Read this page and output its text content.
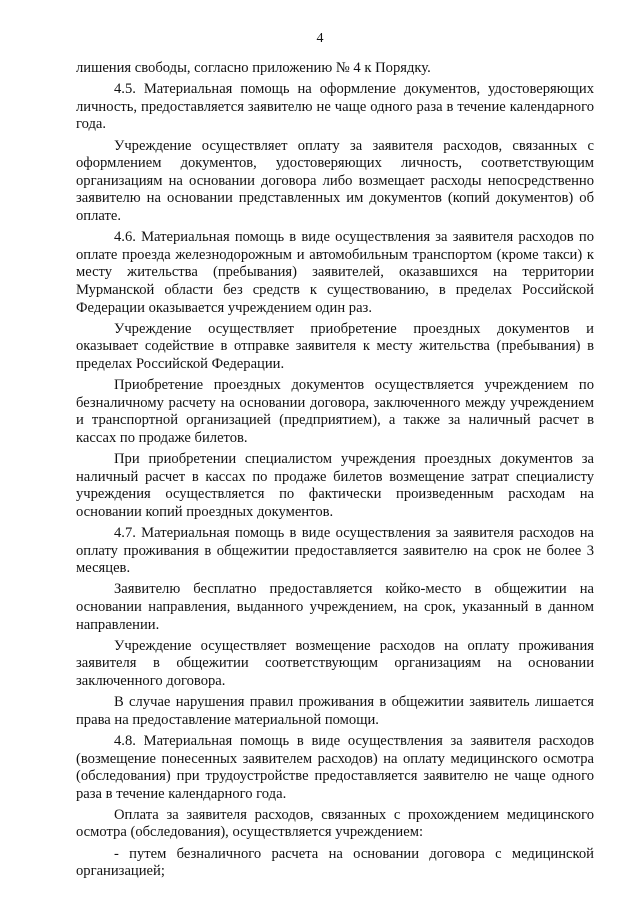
4

лишения свободы, согласно приложению № 4 к Порядку.

4.5. Материальная помощь на оформление документов, удостоверяющих личность, предоставляется заявителю не чаще одного раза в течение календарного года.

Учреждение осуществляет оплату за заявителя расходов, связанных с оформлением документов, удостоверяющих личность, соответствующим организациям на основании договора либо возмещает расходы непосредственно заявителю на основании представленных им документов (копий документов) об оплате.

4.6. Материальная помощь в виде осуществления за заявителя расходов по оплате проезда железнодорожным и автомобильным транспортом (кроме такси) к месту жительства (пребывания) заявителей, оказавшихся на территории Мурманской области без средств к существованию, в пределах Российской Федерации оказывается учреждением один раз.

Учреждение осуществляет приобретение проездных документов и оказывает содействие в отправке заявителя к месту жительства (пребывания) в пределах Российской Федерации.

Приобретение проездных документов осуществляется учреждением по безналичному расчету на основании договора, заключенного между учреждением и транспортной организацией (предприятием), а также за наличный расчет в кассах по продаже билетов.

При приобретении специалистом учреждения проездных документов за наличный расчет в кассах по продаже билетов возмещение затрат специалисту учреждения осуществляется по фактически произведенным расходам на основании копий проездных документов.

4.7. Материальная помощь в виде осуществления за заявителя расходов на оплату проживания в общежитии предоставляется заявителю на срок не более 3 месяцев.

Заявителю бесплатно предоставляется койко-место в общежитии на основании направления, выданного учреждением, на срок, указанный в данном направлении.

Учреждение осуществляет возмещение расходов на оплату проживания заявителя в общежитии соответствующим организациям на основании заключенного договора.

В случае нарушения правил проживания в общежитии заявитель лишается права на предоставление материальной помощи.

4.8. Материальная помощь в виде осуществления за заявителя расходов (возмещение понесенных заявителем расходов) на оплату медицинского осмотра (обследования) при трудоустройстве предоставляется заявителю не чаще одного раза в течение календарного года.

Оплата за заявителя расходов, связанных с прохождением медицинского осмотра (обследования), осуществляется учреждением:

- путем безналичного расчета на основании договора с медицинской организацией;
